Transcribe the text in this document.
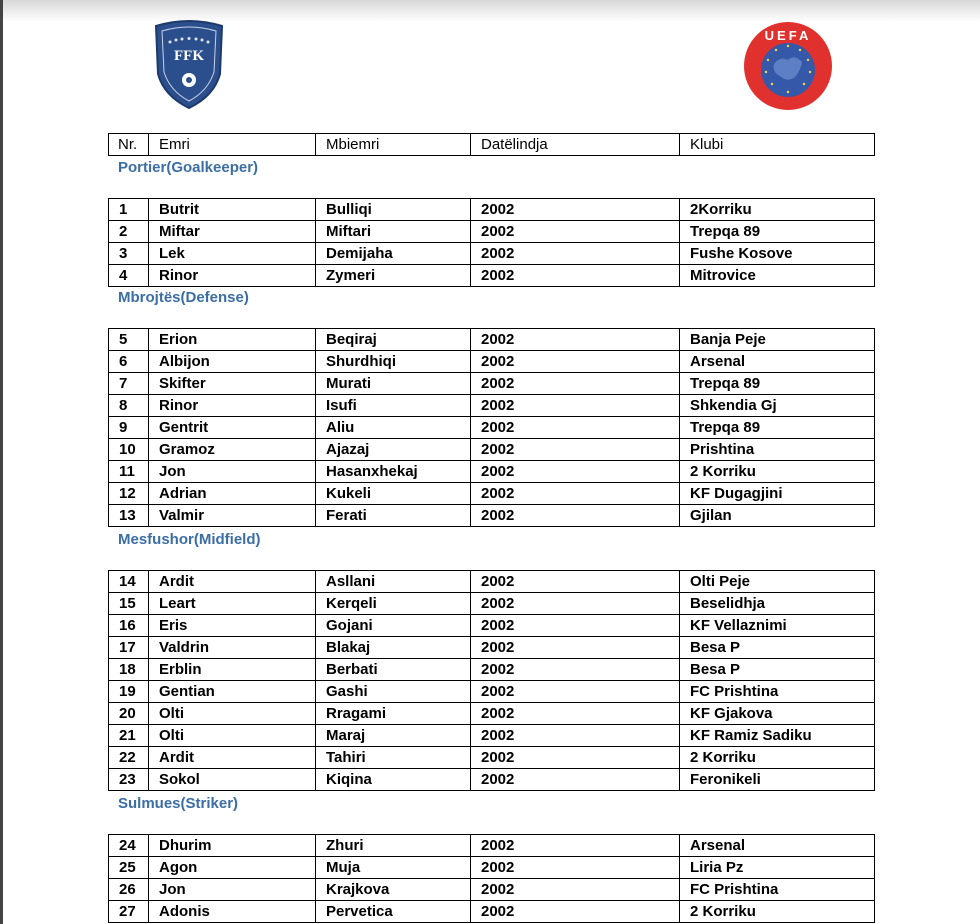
FFK
UEFA
Nr.	Emri	Mbiemri	Datëlindja	Klubi
Portier(Goalkeeper)
1	Butrit	Bulliqi	2002	2Korriku
2	Miftar	Miftari	2002	Trepqa 89
3	Lek	Demijaha	2002	Fushe Kosove
4	Rinor	Zymeri	2002	Mitrovice
Mbrojtës(Defense)
5	Erion	Beqiraj	2002	Banja Peje
6	Albijon	Shurdhiqi	2002	Arsenal
7	Skifter	Murati	2002	Trepqa 89
8	Rinor	Isufi	2002	Shkendia Gj
9	Gentrit	Aliu	2002	Trepqa 89
10	Gramoz	Ajazaj	2002	Prishtina
11	Jon	Hasanxhekaj	2002	2 Korriku
12	Adrian	Kukeli	2002	KF Dugagjini
13	Valmir	Ferati	2002	Gjilan
Mesfushor(Midfield)
14	Ardit	Asllani	2002	Olti Peje
15	Leart	Kerqeli	2002	Beselidhja
16	Eris	Gojani	2002	KF Vellaznimi
17	Valdrin	Blakaj	2002	Besa P
18	Erblin	Berbati	2002	Besa P
19	Gentian	Gashi	2002	FC Prishtina
20	Olti	Rragami	2002	KF Gjakova
21	Olti	Maraj	2002	KF Ramiz Sadiku
22	Ardit	Tahiri	2002	2 Korriku
23	Sokol	Kiqina	2002	Feronikeli
Sulmues(Striker)
24	Dhurim	Zhuri	2002	Arsenal
25	Agon	Muja	2002	Liria Pz
26	Jon	Krajkova	2002	FC Prishtina
27	Adonis	Pervetica	2002	2 Korriku
